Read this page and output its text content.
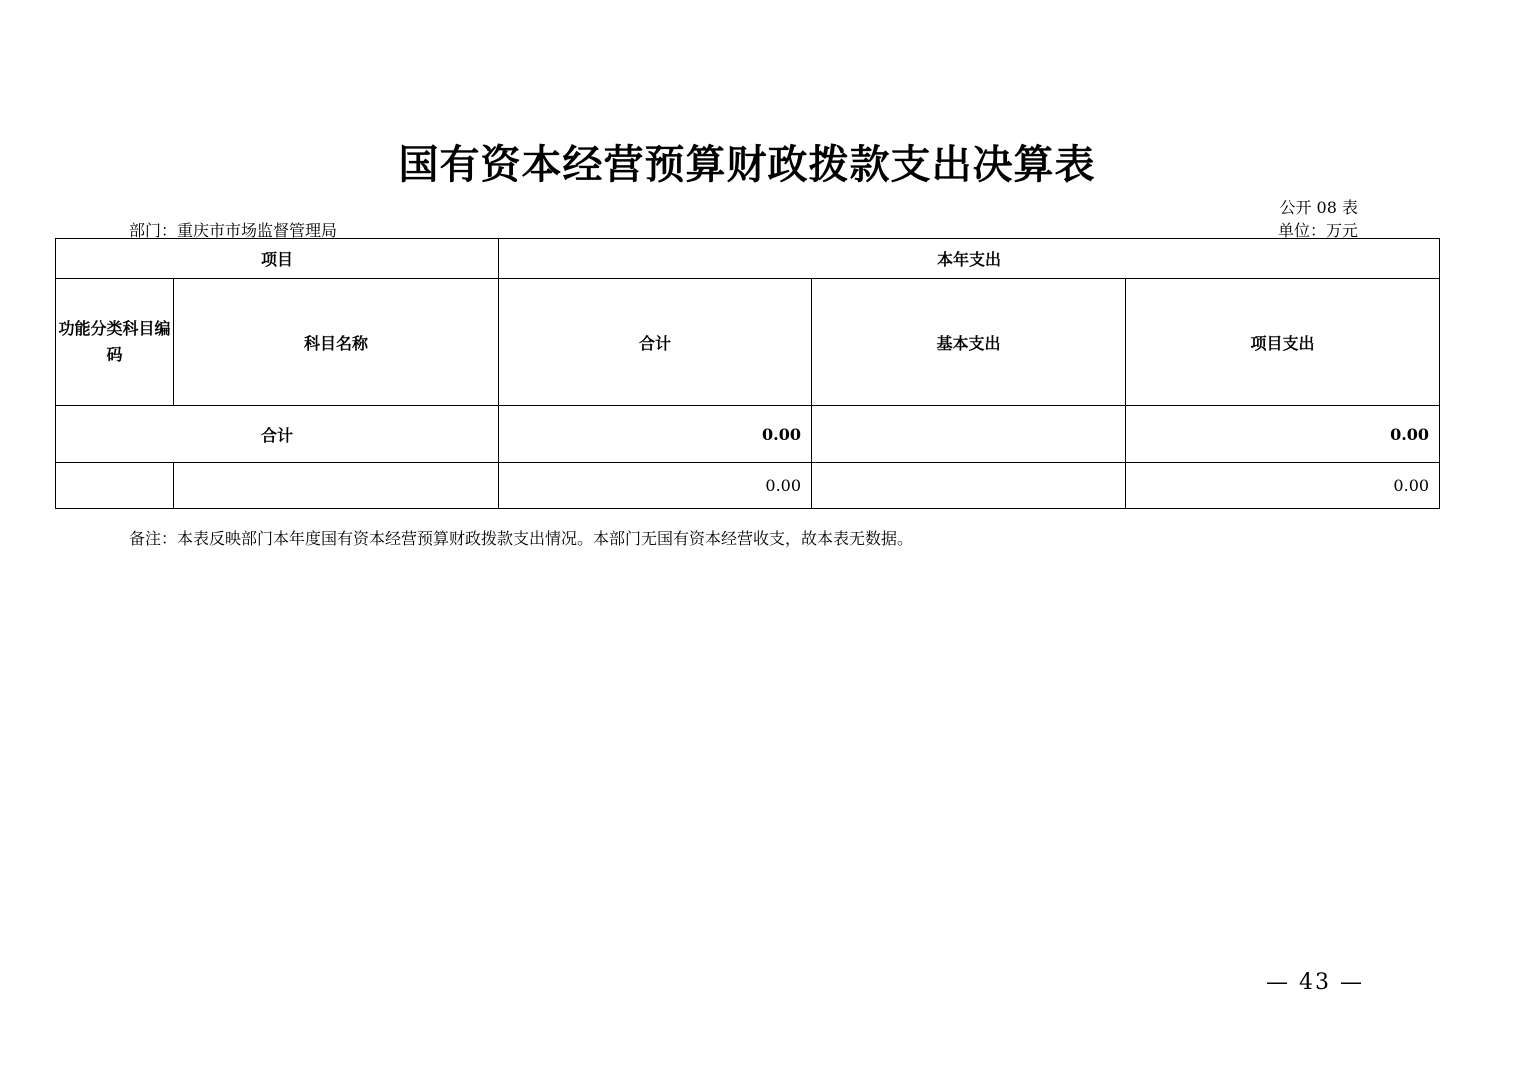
国有资本经营预算财政拨款支出决算表
公开 08 表
部门：重庆市市场监督管理局	单位：万元
项目		本年支出		
功能分类科目编码	科目名称	合计	基本支出	项目支出
合计		0.00		0.00
		0.00		0.00
备注：本表反映部门本年度国有资本经营预算财政拨款支出情况。本部门无国有资本经营收支，故本表无数据。
— 43 —
